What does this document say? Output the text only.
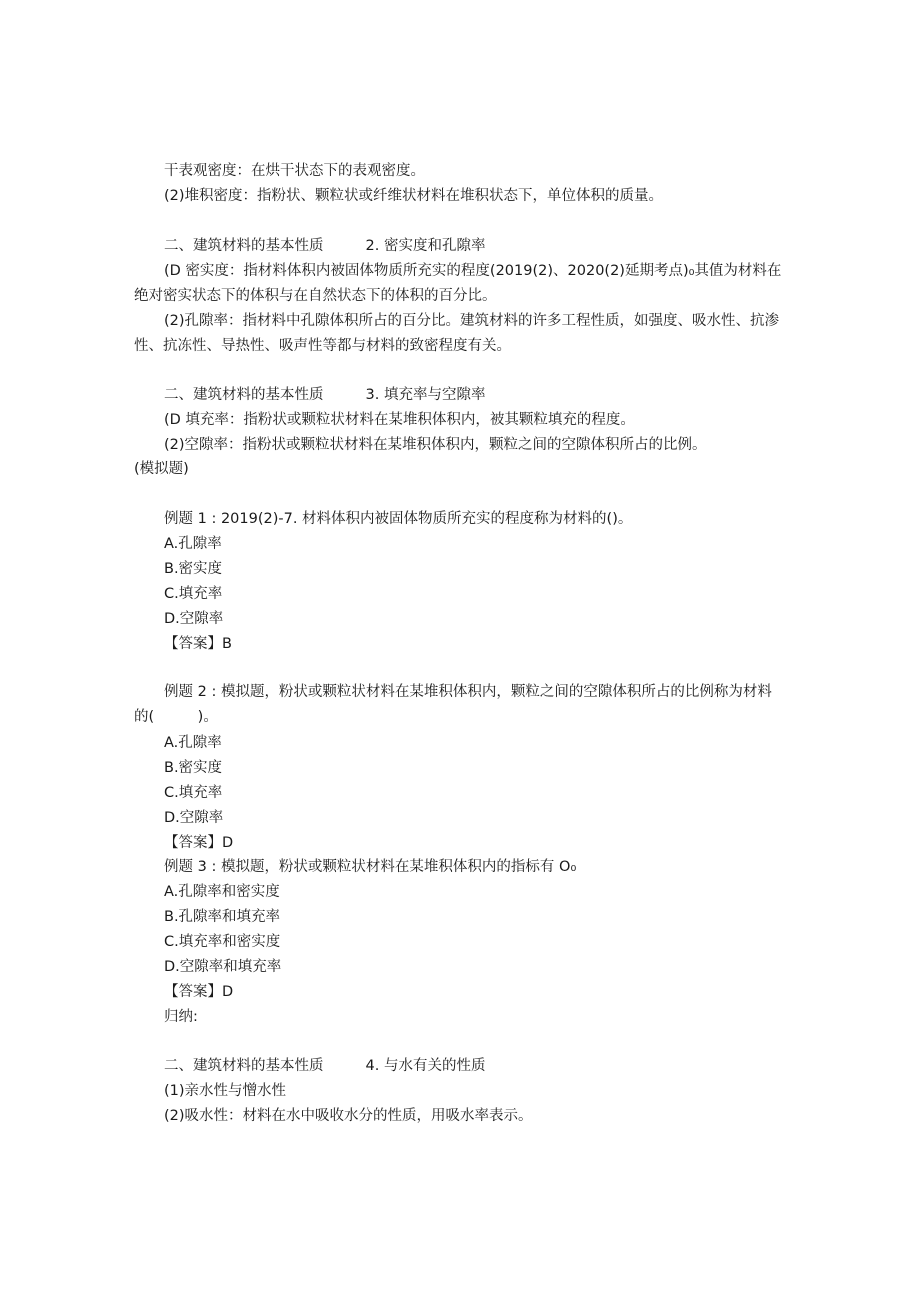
干表观密度：在烘干状态下的表观密度。
(2)堆积密度：指粉状、颗粒状或纤维状材料在堆积状态下，单位体积的质量。
二、建筑材料的基本性质	2. 密实度和孔隙率
(D 密实度：指材料体积内被固体物质所充实的程度(2019(2)、2020(2)延期考点)₀其值为材料在绝对密实状态下的体积与在自然状态下的体积的百分比。
(2)孔隙率：指材料中孔隙体积所占的百分比。建筑材料的许多工程性质，如强度、吸水性、抗渗性、抗冻性、导热性、吸声性等都与材料的致密程度有关。
二、建筑材料的基本性质	3. 填充率与空隙率
(D 填充率：指粉状或颗粒状材料在某堆积体积内，被其颗粒填充的程度。
(2)空隙率：指粉状或颗粒状材料在某堆积体积内，颗粒之间的空隙体积所占的比例。
(模拟题)
例题 1 : 2019(2)-7. 材料体积内被固体物质所充实的程度称为材料的()。
A.孔隙率
B.密实度
C.填充率
D.空隙率
【答案】B
例题 2 : 模拟题，粉状或颗粒状材料在某堆积体积内，颗粒之间的空隙体积所占的比例称为材料的(　　　)。
A.孔隙率
B.密实度
C.填充率
D.空隙率
【答案】D
例题 3 : 模拟题，粉状或颗粒状材料在某堆积体积内的指标有 O₀
A.孔隙率和密实度
B.孔隙率和填充率
C.填充率和密实度
D.空隙率和填充率
【答案】D
归纳:
二、建筑材料的基本性质	4. 与水有关的性质
(1)亲水性与憎水性
(2)吸水性：材料在水中吸收水分的性质，用吸水率表示。
